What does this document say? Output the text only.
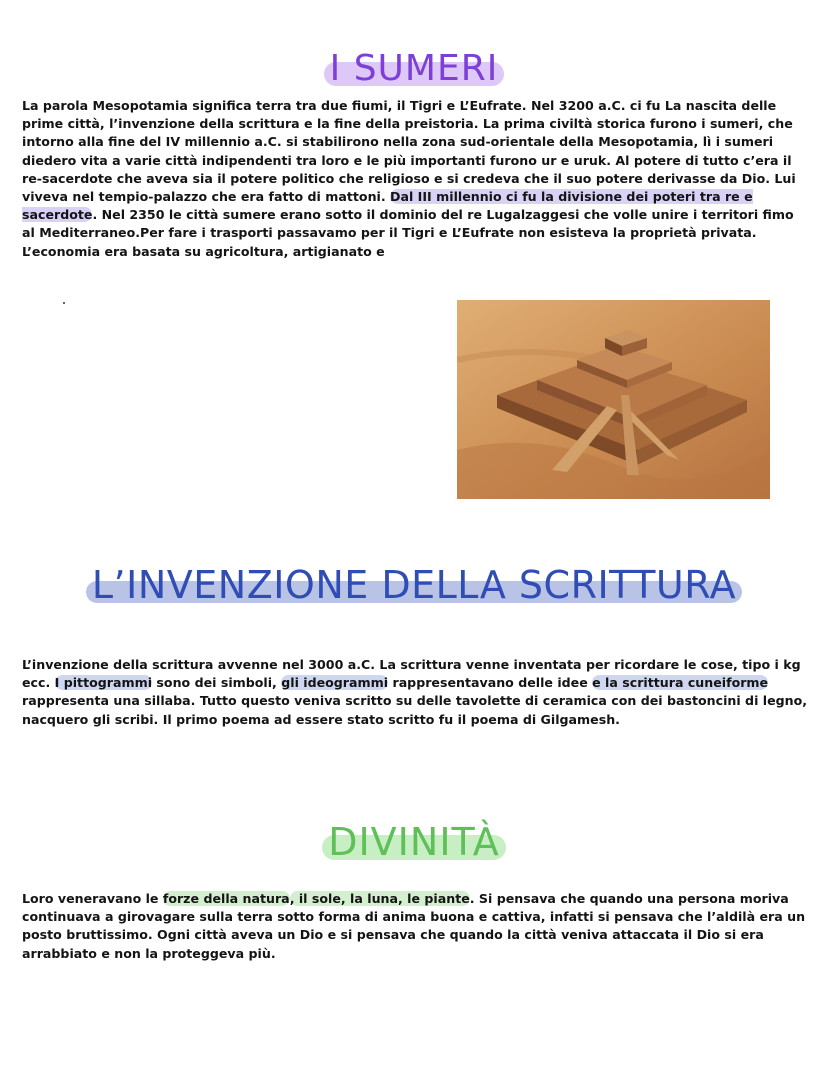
I SUMERI

La parola Mesopotamia significa terra tra due fiumi, il Tigri e L’Eufrate. Nel 3200 a.C. ci fu La nascita delle prime città, l’invenzione della scrittura e la fine della preistoria. La prima civiltà storica furono i sumeri, che intorno alla fine del IV millennio a.C. si stabilirono nella zona sud-orientale della Mesopotamia, lì i sumeri diedero vita a varie città indipendenti tra loro e le più importanti furono ur e uruk. Al potere di tutto c’era il re-sacerdote che aveva sia il potere politico che religioso e si credeva che il suo potere derivasse da Dio. Lui viveva nel tempio-palazzo che era fatto di mattoni. Dal III millennio ci fu la divisione dei poteri tra re e sacerdote. Nel 2350 le città sumere erano sotto il dominio del re Lugalzaggesi che volle unire i territori fimo al Mediterraneo.Per fare i trasporti passavamo per il Tigri e L’Eufrate non esisteva la proprietà privata. L’economia era basata su agricoltura, artigianato e

L’INVENZIONE DELLA SCRITTURA

L’invenzione della scrittura avvenne nel 3000 a.C. La scrittura venne inventata per ricordare le cose, tipo i kg ecc. I pittogrammi sono dei simboli, gli ideogrammi rappresentavano delle idee e la scrittura cuneiforme rappresenta una sillaba. Tutto questo veniva scritto su delle tavolette di ceramica con dei bastoncini di legno, nacquero gli scribi. Il primo poema ad essere stato scritto fu il poema di Gilgamesh.

DIVINITÀ

Loro veneravano le forze della natura, il sole, la luna, le piante. Si pensava che quando una persona moriva continuava a girovagare sulla terra sotto forma di anima buona e cattiva, infatti si pensava che l’aldilà era un posto bruttissimo. Ogni città aveva un Dio e si pensava che quando la città veniva attaccata il Dio si era arrabbiato e non la proteggeva più.
